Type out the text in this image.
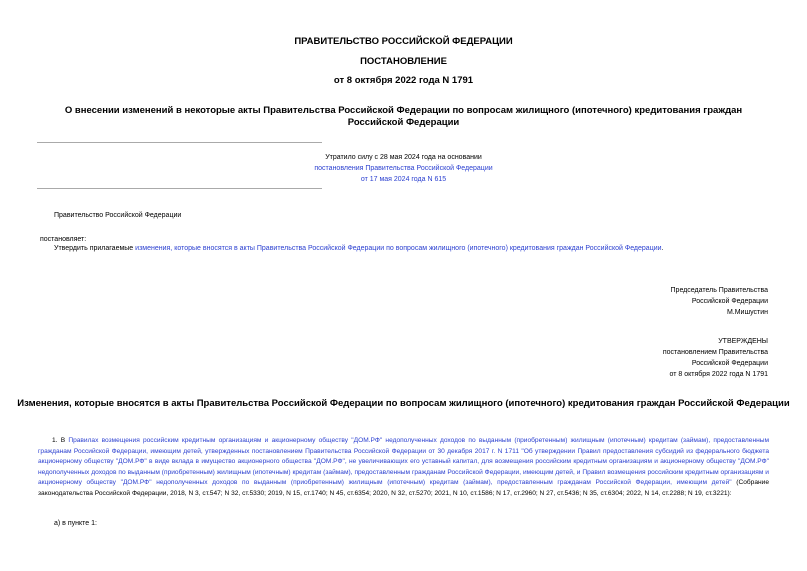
ПРАВИТЕЛЬСТВО РОССИЙСКОЙ ФЕДЕРАЦИИ
ПОСТАНОВЛЕНИЕ
от 8 октября 2022 года N 1791
О внесении изменений в некоторые акты Правительства Российской Федерации по вопросам жилищного (ипотечного) кредитования граждан Российской Федерации
Утратило силу с 28 мая 2024 года на основании
постановления Правительства Российской Федерации
от 17 мая 2024 года N 615
Правительство Российской Федерации
постановляет:
Утвердить прилагаемые изменения, которые вносятся в акты Правительства Российской Федерации по вопросам жилищного (ипотечного) кредитования граждан Российской Федерации.
Председатель Правительства
Российской Федерации
М.Мишустин
УТВЕРЖДЕНЫ
постановлением Правительства
Российской Федерации
от 8 октября 2022 года N 1791
Изменения, которые вносятся в акты Правительства Российской Федерации по вопросам жилищного (ипотечного) кредитования граждан Российской Федерации
1. В Правилах возмещения российским кредитным организациям и акционерному обществу "ДОМ.РФ" недополученных доходов по выданным (приобретенным) жилищным (ипотечным) кредитам (займам), предоставленным гражданам Российской Федерации, имеющим детей, утвержденных постановлением Правительства Российской Федерации от 30 декабря 2017 г. N 1711 "Об утверждении Правил предоставления субсидий из федерального бюджета акционерному обществу "ДОМ.РФ" в виде вклада в имущество акционерного общества "ДОМ.РФ", не увеличивающих его уставный капитал, для возмещения российским кредитным организациям и акционерному обществу "ДОМ.РФ" недополученных доходов по выданным (приобретенным) жилищным (ипотечным) кредитам (займам), предоставленным гражданам Российской Федерации, имеющим детей, и Правил возмещения российским кредитным организациям и акционерному обществу "ДОМ.РФ" недополученных доходов по выданным (приобретенным) жилищным (ипотечным) кредитам (займам), предоставленным гражданам Российской Федерации, имеющим детей" (Собрание законодательства Российской Федерации, 2018, N 3, ст.547; N 32, ст.5330; 2019, N 15, ст.1740; N 45, ст.6354; 2020, N 32, ст.5270; 2021, N 10, ст.1586; N 17, ст.2960; N 27, ст.5436; N 35, ст.6304; 2022, N 14, ст.2288; N 19, ст.3221):
а) в пункте 1:
